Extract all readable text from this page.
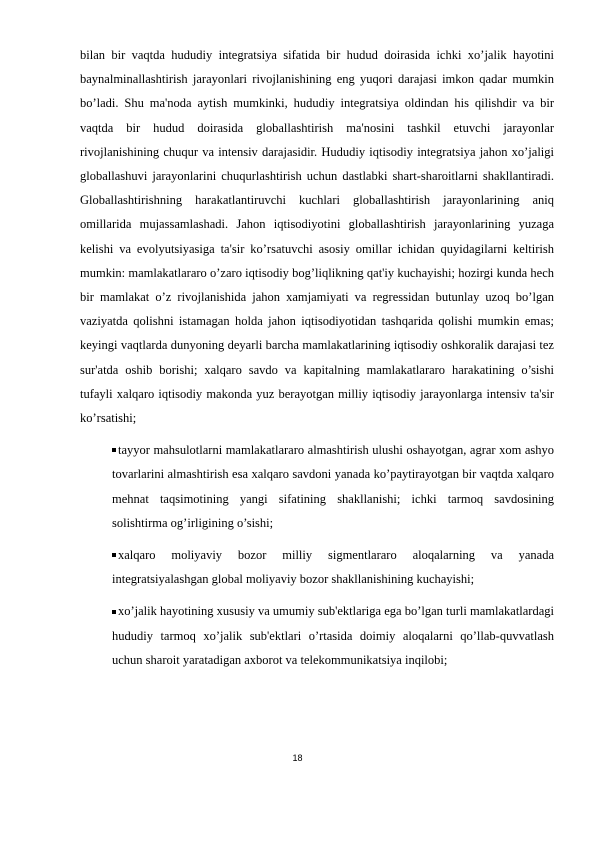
bilan bir vaqtda hududiy integratsiya sifatida bir hudud doirasida ichki xo’jalik hayotini baynalminallashtirish jarayonlari rivojlanishining eng yuqori darajasi imkon qadar mumkin bo’ladi. Shu ma'noda aytish mumkinki, hududiy integratsiya oldindan his qilishdir va bir vaqtda bir hudud doirasida globallashtirish ma'nosini tashkil etuvchi jarayonlar rivojlanishining chuqur va intensiv darajasidir. Hududiy iqtisodiy integratsiya jahon xo’jaligi globallashuvi jarayonlarini chuqurlashtirish uchun dastlabki shart-sharoitlarni shakllantiradi. Globallashtirishning harakatlantiruvchi kuchlari globallashtirish jarayonlarining aniq omillarida mujassamlashadi. Jahon iqtisodiyotini globallashtirish jarayonlarining yuzaga kelishi va evolyutsiyasiga ta'sir ko’rsatuvchi asosiy omillar ichidan quyidagilarni keltirish mumkin: mamlakatlararo o’zaro iqtisodiy bog’liqlikning qat'iy kuchayishi; hozirgi kunda hech bir mamlakat o’z rivojlanishida jahon xamjamiyati va regressidan butunlay uzoq bo’lgan vaziyatda qolishni istamagan holda jahon iqtisodiyotidan tashqarida qolishi mumkin emas; keyingi vaqtlarda dunyoning deyarli barcha mamlakatlarining iqtisodiy oshkoralik darajasi tez sur'atda oshib borishi; xalqaro savdo va kapitalning mamlakatlararo harakatining o’sishi tufayli xalqaro iqtisodiy makonda yuz berayotgan milliy iqtisodiy jarayonlarga intensiv ta'sir ko’rsatishi;

tayyor mahsulotlarni mamlakatlararo almashtirish ulushi oshayotgan, agrar xom ashyo tovarlarini almashtirish esa xalqaro savdoni yanada ko’paytirayotgan bir vaqtda xalqaro mehnat taqsimotining yangi sifatining shakllanishi; ichki tarmoq savdosining solishtirma og’irligining o’sishi;

xalqaro moliyaviy bozor milliy sigmentlararo aloqalarning va yanada integratsiyalashgan global moliyaviy bozor shakllanishining kuchayishi;

xo’jalik hayotining xususiy va umumiy sub'ektlariga ega bo’lgan turli mamlakatlardagi hududiy tarmoq xo’jalik sub'ektlari o’rtasida doimiy aloqalarni qo’llab-quvvatlash uchun sharoit yaratadigan axborot va telekommunikatsiya inqilobi;

18
